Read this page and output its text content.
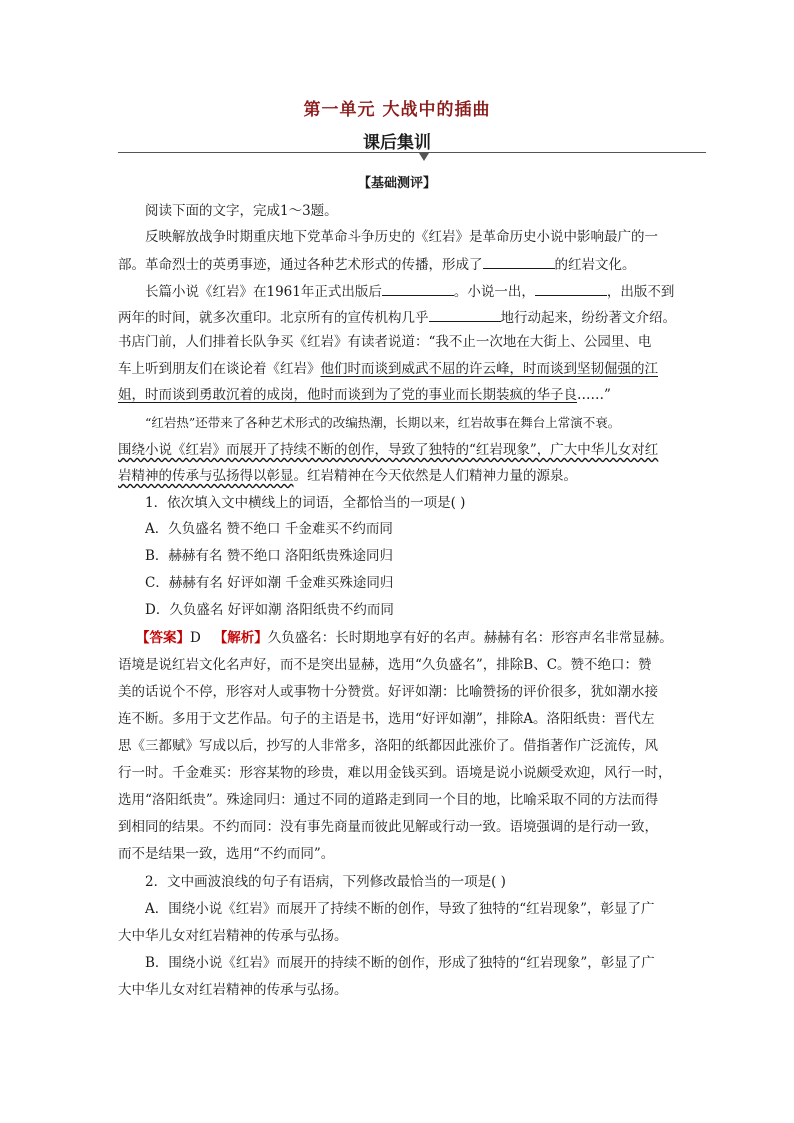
第一单元 大战中的插曲
课后集训
【基础测评】
阅读下面的文字，完成1～3题。
反映解放战争时期重庆地下党革命斗争历史的《红岩》是革命历史小说中影响最广的一
部。革命烈士的英勇事迹，通过各种艺术形式的传播，形成了	的红岩文化。
长篇小说《红岩》在1961年正式出版后	。小说一出，	，出版不到
两年的时间，就多次重印。北京所有的宣传机构几乎	地行动起来，纷纷著文介绍。
书店门前，人们排着长队争买《红岩》有读者说道：“我不止一次地在大街上、公园里、电
车上听到朋友们在谈论着《红岩》他们时而谈到威武不屈的许云峰，时而谈到坚韧倔强的江
姐，时而谈到勇敢沉着的成岗，他时而谈到为了党的事业而长期装疯的华子良……”
“红岩热”还带来了各种艺术形式的改编热潮，长期以来，红岩故事在舞台上常演不衰。
围绕小说《红岩》而展开了持续不断的创作，导致了独特的“红岩现象”，广大中华儿女对红
岩精神的传承与弘扬得以彰显。红岩精神在今天依然是人们精神力量的源泉。
1．依次填入文中横线上的词语，全都恰当的一项是( )
A．久负盛名 赞不绝口 千金难买不约而同
B．赫赫有名 赞不绝口 洛阳纸贵殊途同归
C．赫赫有名 好评如潮 千金难买殊途同归
D．久负盛名 好评如潮 洛阳纸贵不约而同
【答案】D 【解析】久负盛名：长时期地享有好的名声。赫赫有名：形容声名非常显赫。
语境是说红岩文化名声好，而不是突出显赫，选用“久负盛名”，排除B、C。赞不绝口：赞
美的话说个不停，形容对人或事物十分赞赏。好评如潮：比喻赞扬的评价很多，犹如潮水接
连不断。多用于文艺作品。句子的主语是书，选用“好评如潮”，排除A。洛阳纸贵：晋代左
思《三都赋》写成以后，抄写的人非常多，洛阳的纸都因此涨价了。借指著作广泛流传，风
行一时。千金难买：形容某物的珍贵，难以用金钱买到。语境是说小说颇受欢迎，风行一时，
选用“洛阳纸贵”。殊途同归：通过不同的道路走到同一个目的地，比喻采取不同的方法而得
到相同的结果。不约而同：没有事先商量而彼此见解或行动一致。语境强调的是行动一致，
而不是结果一致，选用“不约而同”。
2．文中画波浪线的句子有语病，下列修改最恰当的一项是( )
A．围绕小说《红岩》而展开了持续不断的创作，导致了独特的“红岩现象”，彰显了广
大中华儿女对红岩精神的传承与弘扬。
B．围绕小说《红岩》而展开的持续不断的创作，形成了独特的“红岩现象”，彰显了广
大中华儿女对红岩精神的传承与弘扬。
